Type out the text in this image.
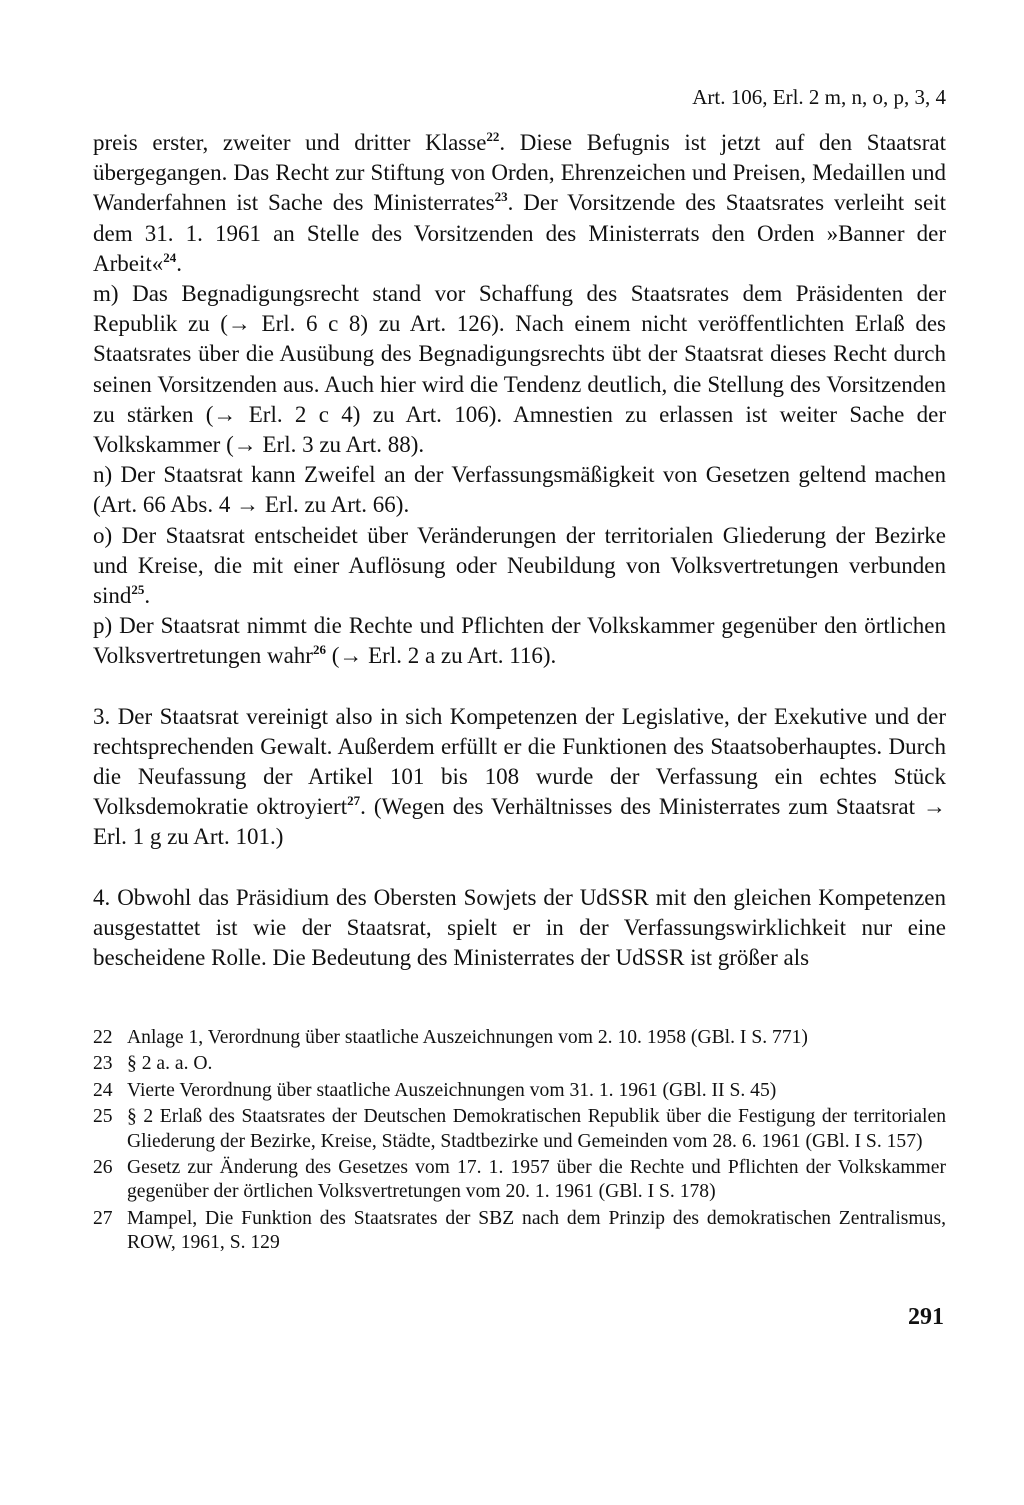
Art. 106, Erl. 2 m, n, o, p, 3, 4

preis erster, zweiter und dritter Klasse$^{22}$. Diese Befugnis ist jetzt auf den Staatsrat übergegangen. Das Recht zur Stiftung von Orden, Ehrenzeichen und Preisen, Medaillen und Wanderfahnen ist Sache des Ministerrates$^{23}$. Der Vorsitzende des Staatsrates verleiht seit dem 31. 1. 1961 an Stelle des Vorsitzenden des Ministerrats den Orden »Banner der Arbeit«$^{24}$.

m) Das Begnadigungsrecht stand vor Schaffung des Staatsrates dem Präsidenten der Republik zu (→ Erl. 6 c 8) zu Art. 126). Nach einem nicht veröffentlichten Erlaß des Staatsrates über die Ausübung des Begnadigungsrechts übt der Staatsrat dieses Recht durch seinen Vorsitzenden aus. Auch hier wird die Tendenz deutlich, die Stellung des Vorsitzenden zu stärken (→ Erl. 2 c 4) zu Art. 106). Amnestien zu erlassen ist weiter Sache der Volkskammer (→ Erl. 3 zu Art. 88).

n) Der Staatsrat kann Zweifel an der Verfassungsmäßigkeit von Gesetzen geltend machen (Art. 66 Abs. 4 → Erl. zu Art. 66).

o) Der Staatsrat entscheidet über Veränderungen der territorialen Gliederung der Bezirke und Kreise, die mit einer Auflösung oder Neubildung von Volksvertretungen verbunden sind$^{25}$.

p) Der Staatsrat nimmt die Rechte und Pflichten der Volkskammer gegenüber den örtlichen Volksvertretungen wahr$^{26}$ (→ Erl. 2 a zu Art. 116).

3. Der Staatsrat vereinigt also in sich Kompetenzen der Legislative, der Exekutive und der rechtsprechenden Gewalt. Außerdem erfüllt er die Funktionen des Staatsoberhauptes. Durch die Neufassung der Artikel 101 bis 108 wurde der Verfassung ein echtes Stück Volksdemokratie oktroyiert$^{27}$. (Wegen des Verhältnisses des Ministerrates zum Staatsrat → Erl. 1 g zu Art. 101.)

4. Obwohl das Präsidium des Obersten Sowjets der UdSSR mit den gleichen Kompetenzen ausgestattet ist wie der Staatsrat, spielt er in der Verfassungswirklichkeit nur eine bescheidene Rolle. Die Bedeutung des Ministerrates der UdSSR ist größer als

22 Anlage 1, Verordnung über staatliche Auszeichnungen vom 2. 10. 1958 (GBl. I S. 771)
23 § 2 a. a. O.
24 Vierte Verordnung über staatliche Auszeichnungen vom 31. 1. 1961 (GBl. II S. 45)
25 § 2 Erlaß des Staatsrates der Deutschen Demokratischen Republik über die Festigung der territorialen Gliederung der Bezirke, Kreise, Städte, Stadtbezirke und Gemeinden vom 28. 6. 1961 (GBl. I S. 157)
26 Gesetz zur Änderung des Gesetzes vom 17. 1. 1957 über die Rechte und Pflichten der Volkskammer gegenüber der örtlichen Volksvertretungen vom 20. 1. 1961 (GBl. I S. 178)
27 Mampel, Die Funktion des Staatsrates der SBZ nach dem Prinzip des demokratischen Zentralismus, ROW, 1961, S. 129
291
